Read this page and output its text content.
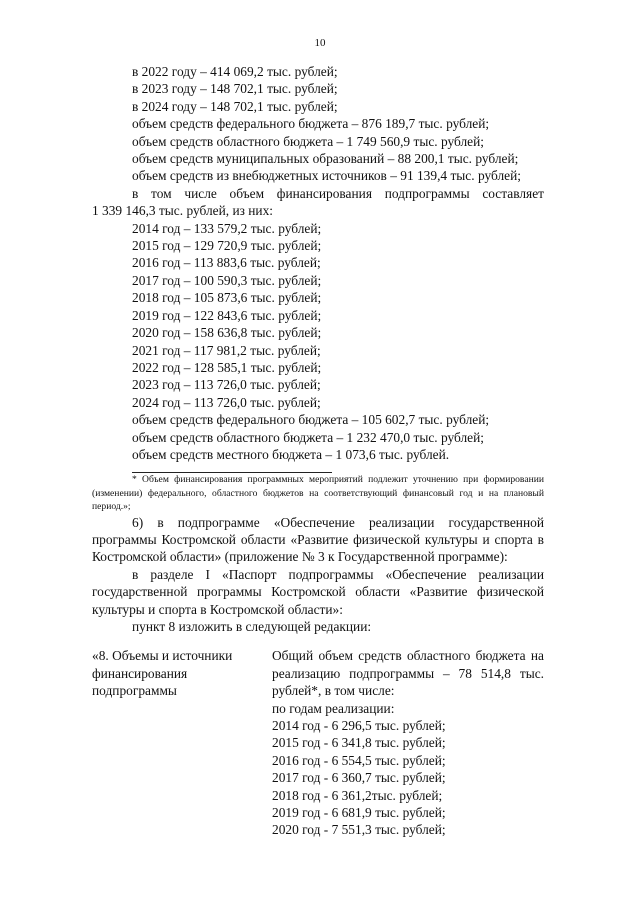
10
в 2022 году – 414 069,2 тыс. рублей;
в 2023 году – 148 702,1 тыс. рублей;
в 2024 году – 148 702,1 тыс. рублей;
объем средств федерального бюджета – 876 189,7 тыс. рублей;
объем средств областного бюджета – 1 749 560,9 тыс. рублей;
объем средств муниципальных образований – 88 200,1 тыс. рублей;
объем средств из внебюджетных источников – 91 139,4 тыс. рублей;
в том числе объем финансирования подпрограммы составляет
1 339 146,3 тыс. рублей, из них:
2014 год – 133 579,2 тыс. рублей;
2015 год – 129 720,9 тыс. рублей;
2016 год – 113 883,6 тыс. рублей;
2017 год – 100 590,3 тыс. рублей;
2018 год – 105 873,6 тыс. рублей;
2019 год – 122 843,6 тыс. рублей;
2020 год – 158 636,8 тыс. рублей;
2021 год – 117 981,2 тыс. рублей;
2022 год – 128 585,1 тыс. рублей;
2023 год – 113 726,0 тыс. рублей;
2024 год – 113 726,0 тыс. рублей;
объем средств федерального бюджета – 105 602,7 тыс. рублей;
объем средств областного бюджета – 1 232 470,0 тыс. рублей;
объем средств местного бюджета – 1 073,6 тыс. рублей.

* Объем финансирования программных мероприятий подлежит уточнению при формировании (изменении) федерального, областного бюджетов на соответствующий финансовый год и на плановый период.»;

6) в подпрограмме «Обеспечение реализации государственной программы Костромской области «Развитие физической культуры и спорта в Костромской области» (приложение № 3 к Государственной программе):

в разделе I «Паспорт подпрограммы «Обеспечение реализации государственной программы Костромской области «Развитие физической культуры и спорта в Костромской области»:

пункт 8 изложить в следующей редакции:

«8. Объемы и источники финансирования подпрограммы
Общий объем средств областного бюджета на реализацию подпрограммы – 78 514,8 тыс. рублей*, в том числе:
по годам реализации:
2014 год - 6 296,5 тыс. рублей;
2015 год - 6 341,8 тыс. рублей;
2016 год - 6 554,5 тыс. рублей;
2017 год - 6 360,7 тыс. рублей;
2018 год - 6 361,2тыс. рублей;
2019 год - 6 681,9 тыс. рублей;
2020 год - 7 551,3 тыс. рублей;
